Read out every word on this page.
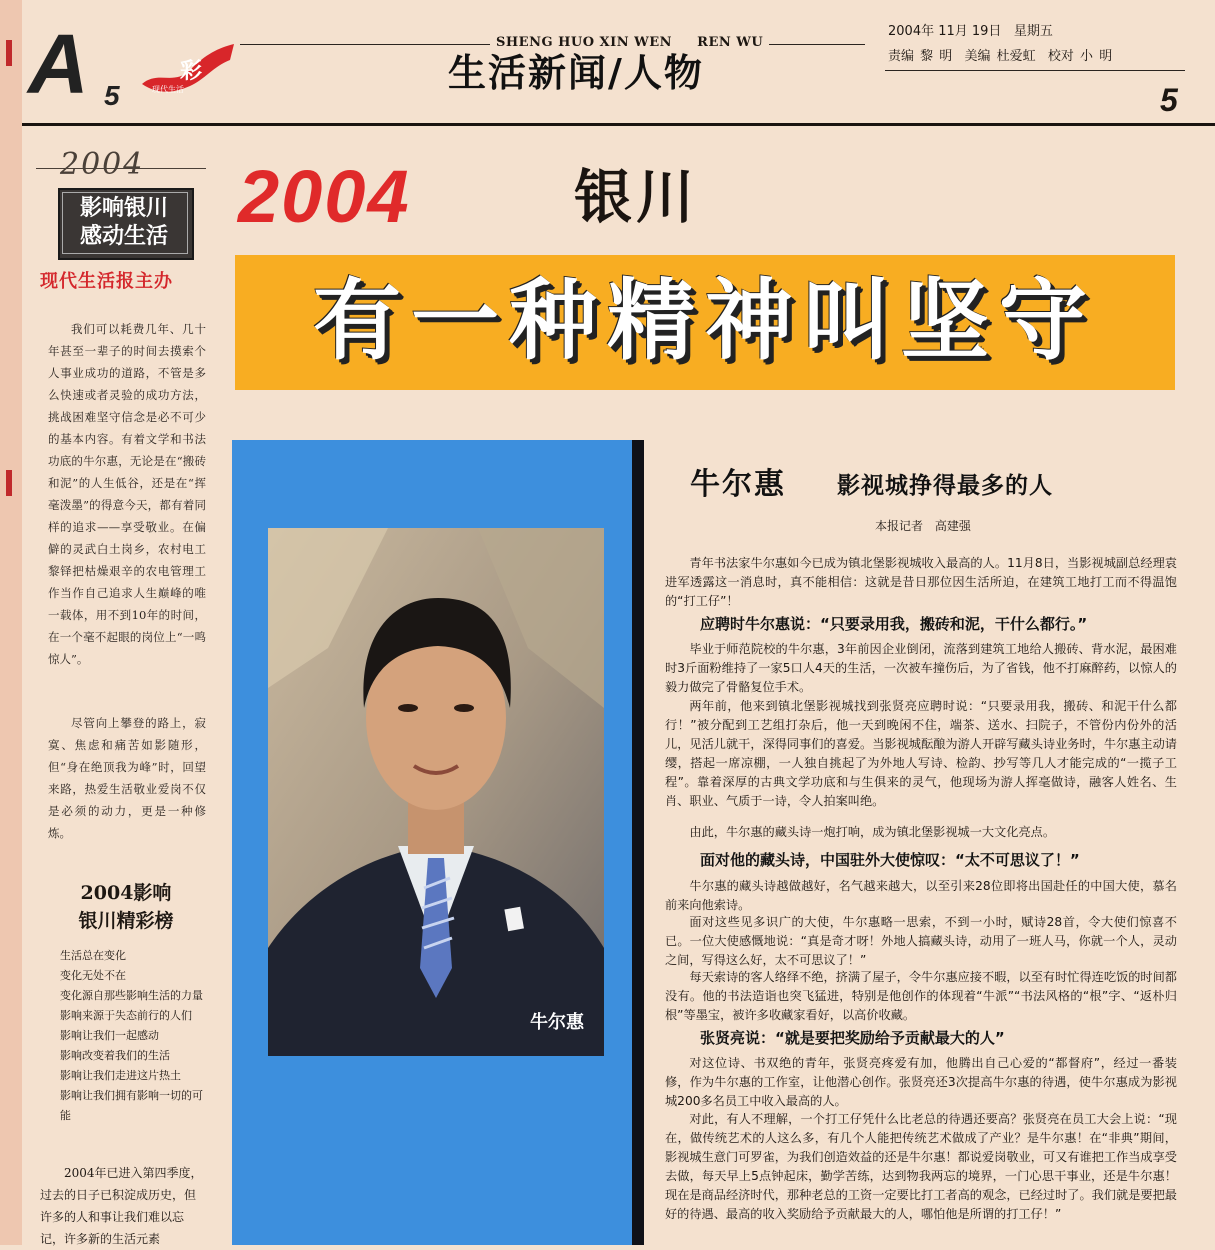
A 5
彩
现代生活
SHENG HUO XIN WEN     REN WU
生活新闻/人物
2004年 11月 19日   星期五
责编 黎 明  美编 杜爱虹  校对 小 明
5
2004
影响银川
感动生活
现代生活报主办
我们可以耗费几年、几十年甚至一辈子的时间去摸索个人事业成功的道路，不管是多么快速或者灵验的成功方法，挑战困难坚守信念是必不可少的基本内容。有着文学和书法功底的牛尔惠，无论是在“搬砖和泥”的人生低谷，还是在“挥毫泼墨”的得意今天，都有着同样的追求——享受敬业。在偏僻的灵武白土岗乡，农村电工黎铎把枯燥艰辛的农电管理工作当作自己追求人生巅峰的唯一载体，用不到10年的时间，在一个毫不起眼的岗位上“一鸣惊人”。
尽管向上攀登的路上，寂寞、焦虑和痛苦如影随形，但“身在绝顶我为峰”时，回望来路，热爱生活敬业爱岗不仅是必须的动力，更是一种修炼。
2004影响
银川精彩榜
生活总在变化
变化无处不在
变化源自那些影响生活的力量
影响来源于失态前行的人们
影响让我们一起感动
影响改变着我们的生活
影响让我们走进这片热土
影响让我们拥有影响一切的可能
2004年已进入第四季度，过去的日子已积淀成历史，但许多的人和事让我们难以忘记，许多新的生活元素
2004	银川
有一种精神叫坚守
牛尔惠
牛尔惠 影视城挣得最多的人
本报记者 高建强
青年书法家牛尔惠如今已成为镇北堡影视城收入最高的人。11月8日，当影视城副总经理袁进军透露这一消息时，真不能相信：这就是昔日那位因生活所迫，在建筑工地打工而不得温饱的“打工仔”！
应聘时牛尔惠说：“只要录用我，搬砖和泥，干什么都行。”
毕业于师范院校的牛尔惠，3年前因企业倒闭，流落到建筑工地给人搬砖、背水泥，最困难时3斤面粉维持了一家5口人4天的生活，一次被车撞伤后，为了省钱，他不打麻醉药，以惊人的毅力做完了骨骼复位手术。
两年前，他来到镇北堡影视城找到张贤亮应聘时说：“只要录用我，搬砖、和泥干什么都行！”被分配到工艺组打杂后，他一天到晚闲不住，端茶、送水、扫院子，不管份内份外的活儿，见活儿就干，深得同事们的喜爱。当影视城酝酿为游人开辟写藏头诗业务时，牛尔惠主动请缨，搭起一席凉棚，一人独自挑起了为外地人写诗、检韵、抄写等几人才能完成的“一揽子工程”。靠着深厚的古典文学功底和与生俱来的灵气，他现场为游人挥毫做诗，融客人姓名、生肖、职业、气质于一诗，令人拍案叫绝。
由此，牛尔惠的藏头诗一炮打响，成为镇北堡影视城一大文化亮点。
面对他的藏头诗，中国驻外大使惊叹：“太不可思议了！”
牛尔惠的藏头诗越做越好，名气越来越大，以至引来28位即将出国赴任的中国大使，慕名前来向他索诗。
面对这些见多识广的大使，牛尔惠略一思索，不到一小时，赋诗28首，令大使们惊喜不已。一位大使感慨地说：“真是奇才呀！外地人搞藏头诗，动用了一班人马，你就一个人，灵动之间，写得这么好，太不可思议了！”
每天索诗的客人络绎不绝，挤满了屋子，令牛尔惠应接不暇，以至有时忙得连吃饭的时间都没有。他的书法造诣也突飞猛进，特别是他创作的体现着“牛派”“书法风格的“根”字、“返朴归根”等墨宝，被许多收藏家看好，以高价收藏。
张贤亮说：“就是要把奖励给予贡献最大的人”
对这位诗、书双绝的青年，张贤亮疼爱有加，他腾出自己心爱的“都督府”，经过一番装修，作为牛尔惠的工作室，让他潜心创作。张贤亮还3次提高牛尔惠的待遇，使牛尔惠成为影视城200多名员工中收入最高的人。
对此，有人不理解，一个打工仔凭什么比老总的待遇还要高？张贤亮在员工大会上说：“现在，做传统艺术的人这么多，有几个人能把传统艺术做成了产业？是牛尔惠！在“非典”期间，影视城生意门可罗雀，为我们创造效益的还是牛尔惠！都说爱岗敬业，可又有谁把工作当成享受去做，每天早上5点钟起床，勤学苦练，达到物我两忘的境界，一门心思干事业，还是牛尔惠！现在是商品经济时代，那种老总的工资一定要比打工者高的观念，已经过时了。我们就是要把最好的待遇、最高的收入奖励给予贡献最大的人，哪怕他是所谓的打工仔！”
